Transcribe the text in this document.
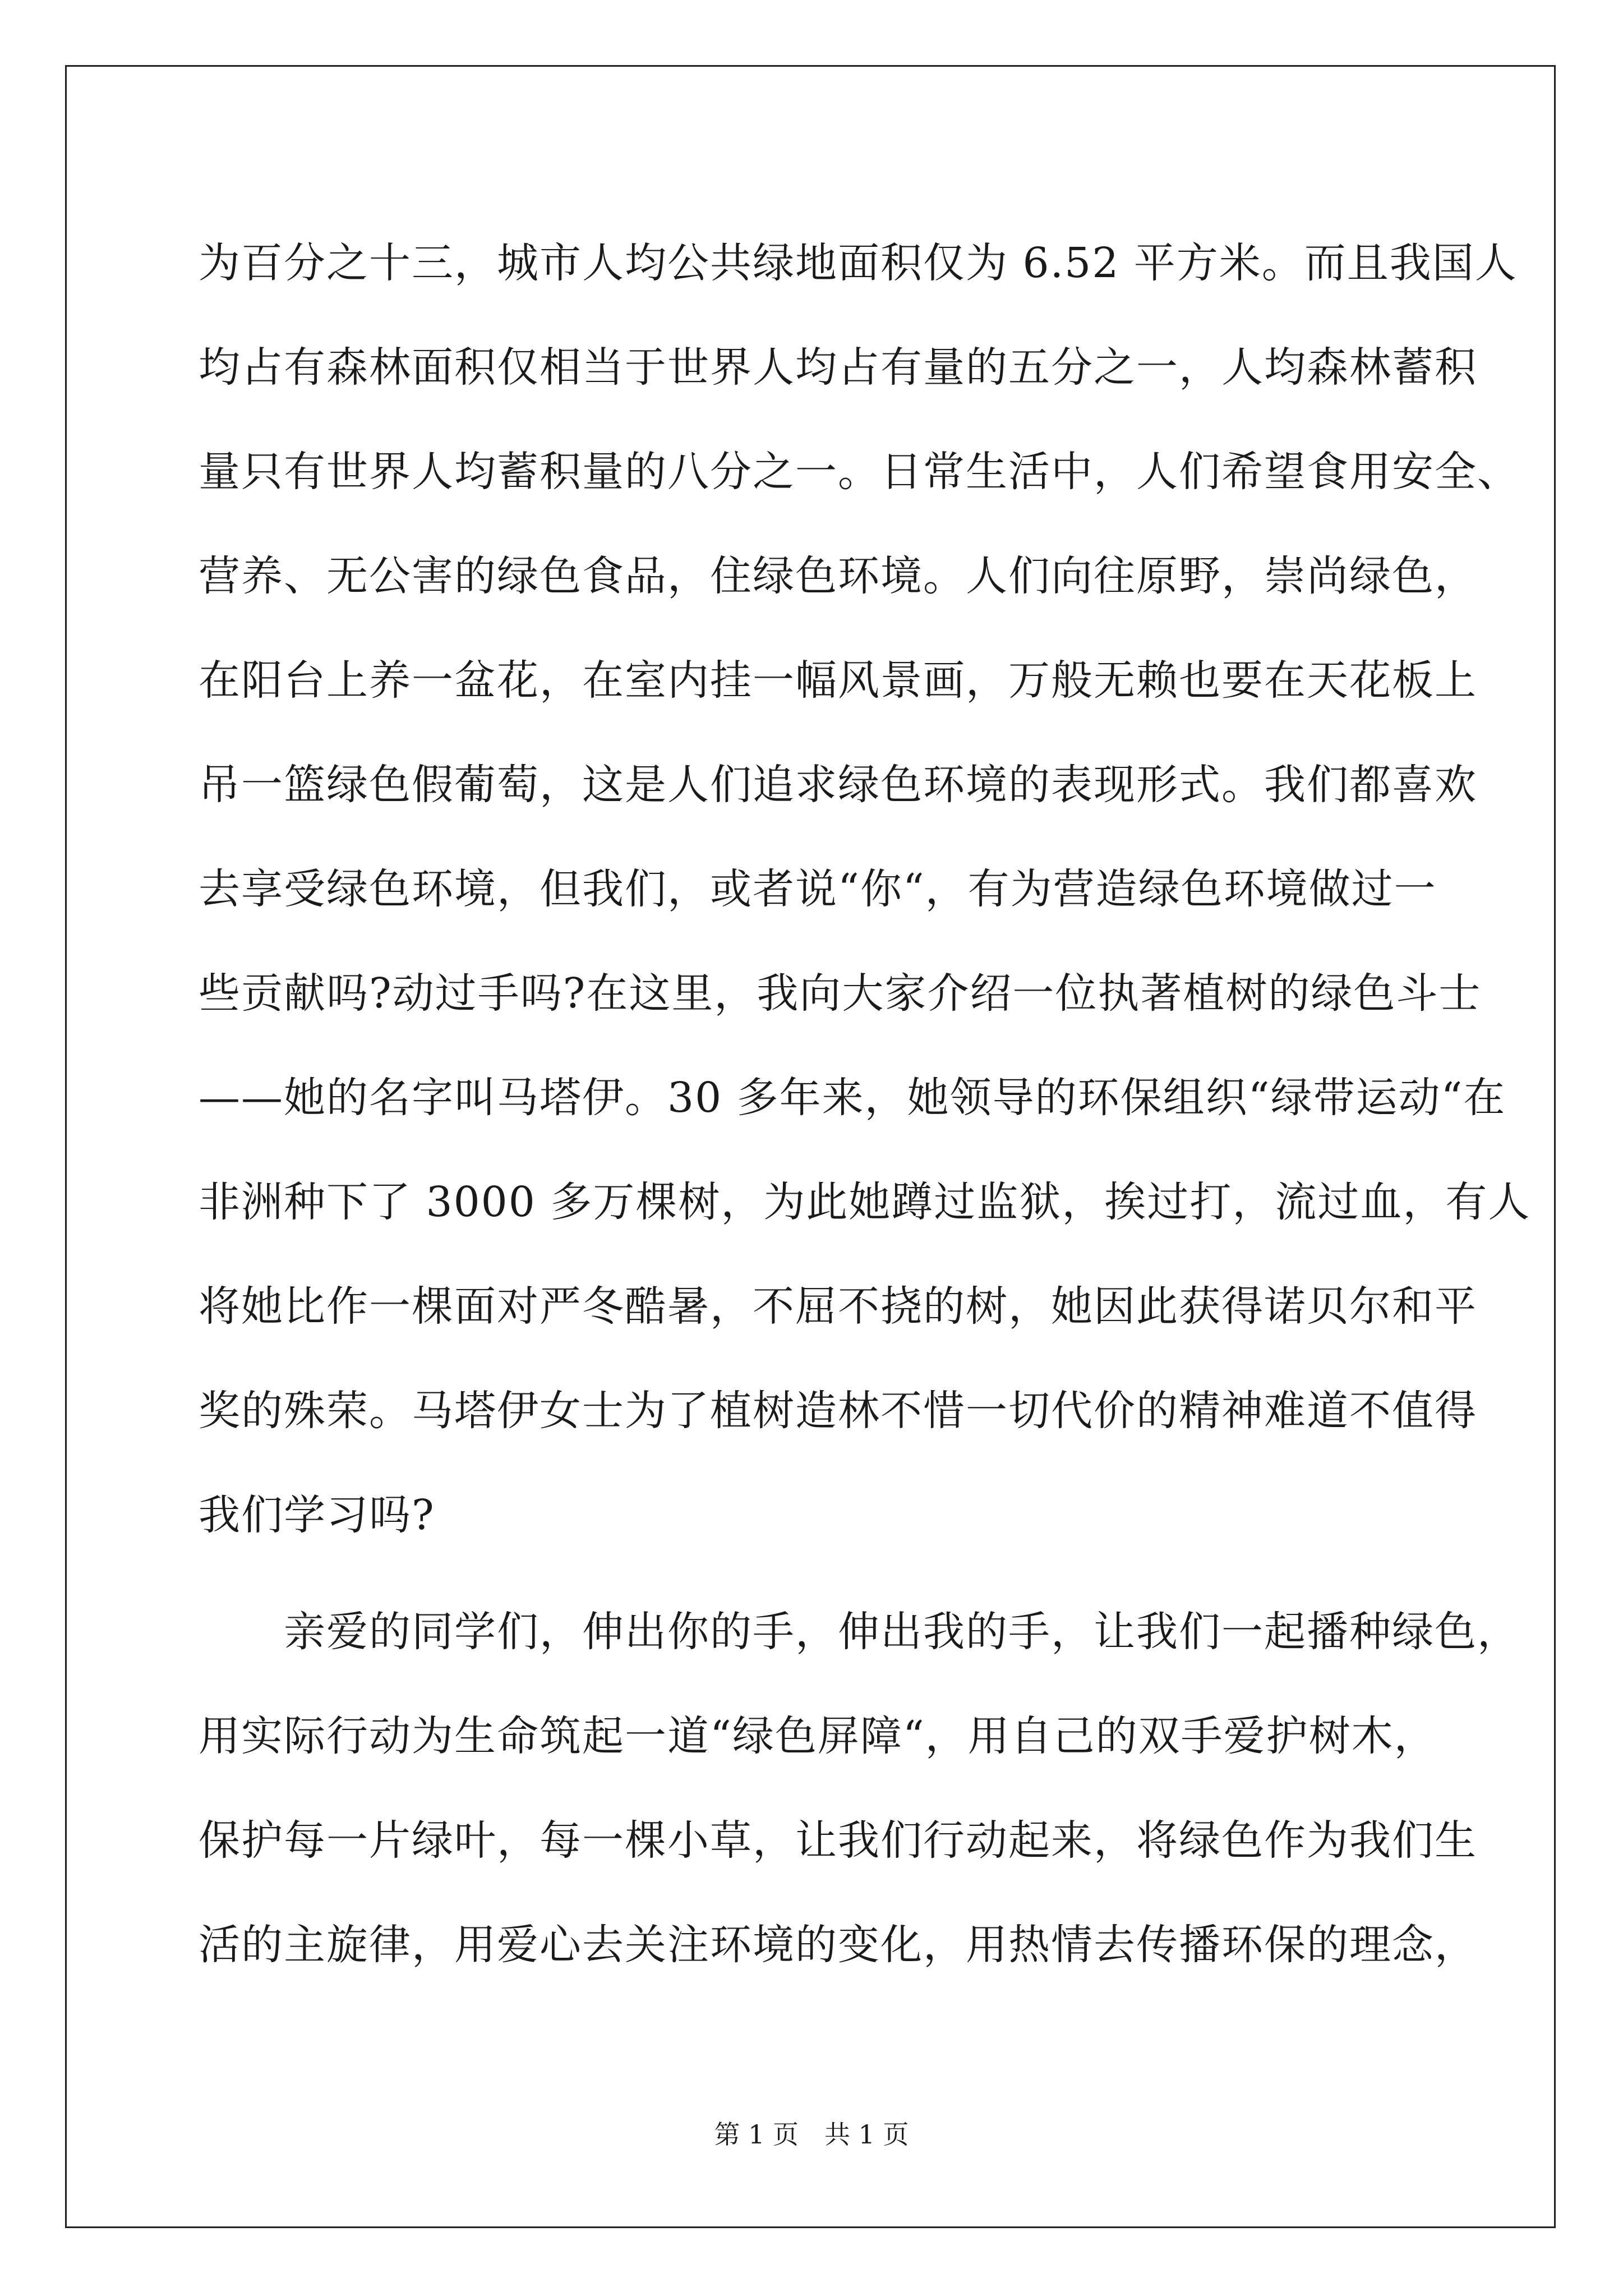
为百分之十三，城市人均公共绿地面积仅为 6.52 平方米。而且我国人
均占有森林面积仅相当于世界人均占有量的五分之一，人均森林蓄积
量只有世界人均蓄积量的八分之一。日常生活中，人们希望食用安全、
营养、无公害的绿色食品，住绿色环境。人们向往原野，崇尚绿色，
在阳台上养一盆花，在室内挂一幅风景画，万般无赖也要在天花板上
吊一篮绿色假葡萄，这是人们追求绿色环境的表现形式。我们都喜欢
去享受绿色环境，但我们，或者说“你“，有为营造绿色环境做过一
些贡献吗?动过手吗?在这里，我向大家介绍一位执著植树的绿色斗士
——她的名字叫马塔伊。30 多年来，她领导的环保组织“绿带运动“在
非洲种下了 3000 多万棵树，为此她蹲过监狱，挨过打，流过血，有人
将她比作一棵面对严冬酷暑，不屈不挠的树，她因此获得诺贝尔和平
奖的殊荣。马塔伊女士为了植树造林不惜一切代价的精神难道不值得
我们学习吗?
　　亲爱的同学们，伸出你的手，伸出我的手，让我们一起播种绿色，
用实际行动为生命筑起一道“绿色屏障“，用自己的双手爱护树木，
保护每一片绿叶，每一棵小草，让我们行动起来，将绿色作为我们生
活的主旋律，用爱心去关注环境的变化，用热情去传播环保的理念，
第 1 页　共 1 页
